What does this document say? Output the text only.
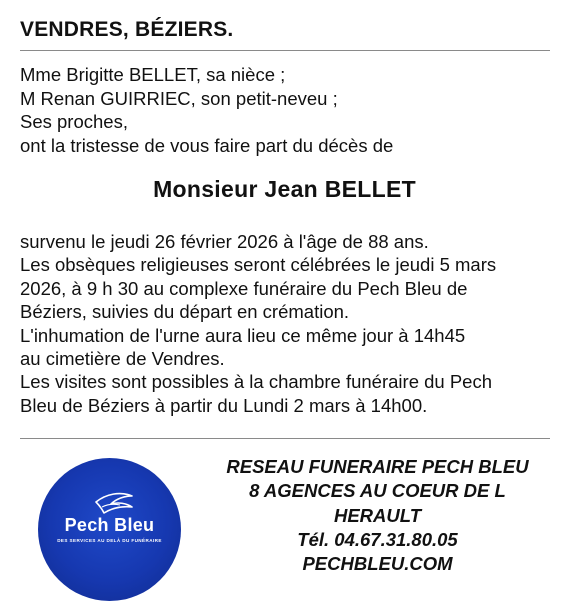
VENDRES, BÉZIERS.
Mme Brigitte BELLET, sa nièce ;
M Renan GUIRRIEC, son petit-neveu ;
Ses proches,
ont la tristesse de vous faire part du décès de
Monsieur Jean BELLET
survenu le jeudi 26 février 2026 à l'âge de 88 ans.
Les obsèques religieuses seront célébrées le jeudi 5 mars
2026, à 9 h 30 au complexe funéraire du Pech Bleu de
Béziers, suivies du départ en crémation.
L'inhumation de l'urne aura lieu ce même jour à 14h45
au cimetière de Vendres.
Les visites sont possibles à la chambre funéraire du Pech
Bleu de Béziers à partir du Lundi 2 mars à 14h00.
Pech Bleu
DES SERVICES AU DELÀ DU FUNÉRAIRE
RESEAU FUNERAIRE PECH BLEU
8 AGENCES AU COEUR DE L
HERAULT
Tél. 04.67.31.80.05
PECHBLEU.COM
